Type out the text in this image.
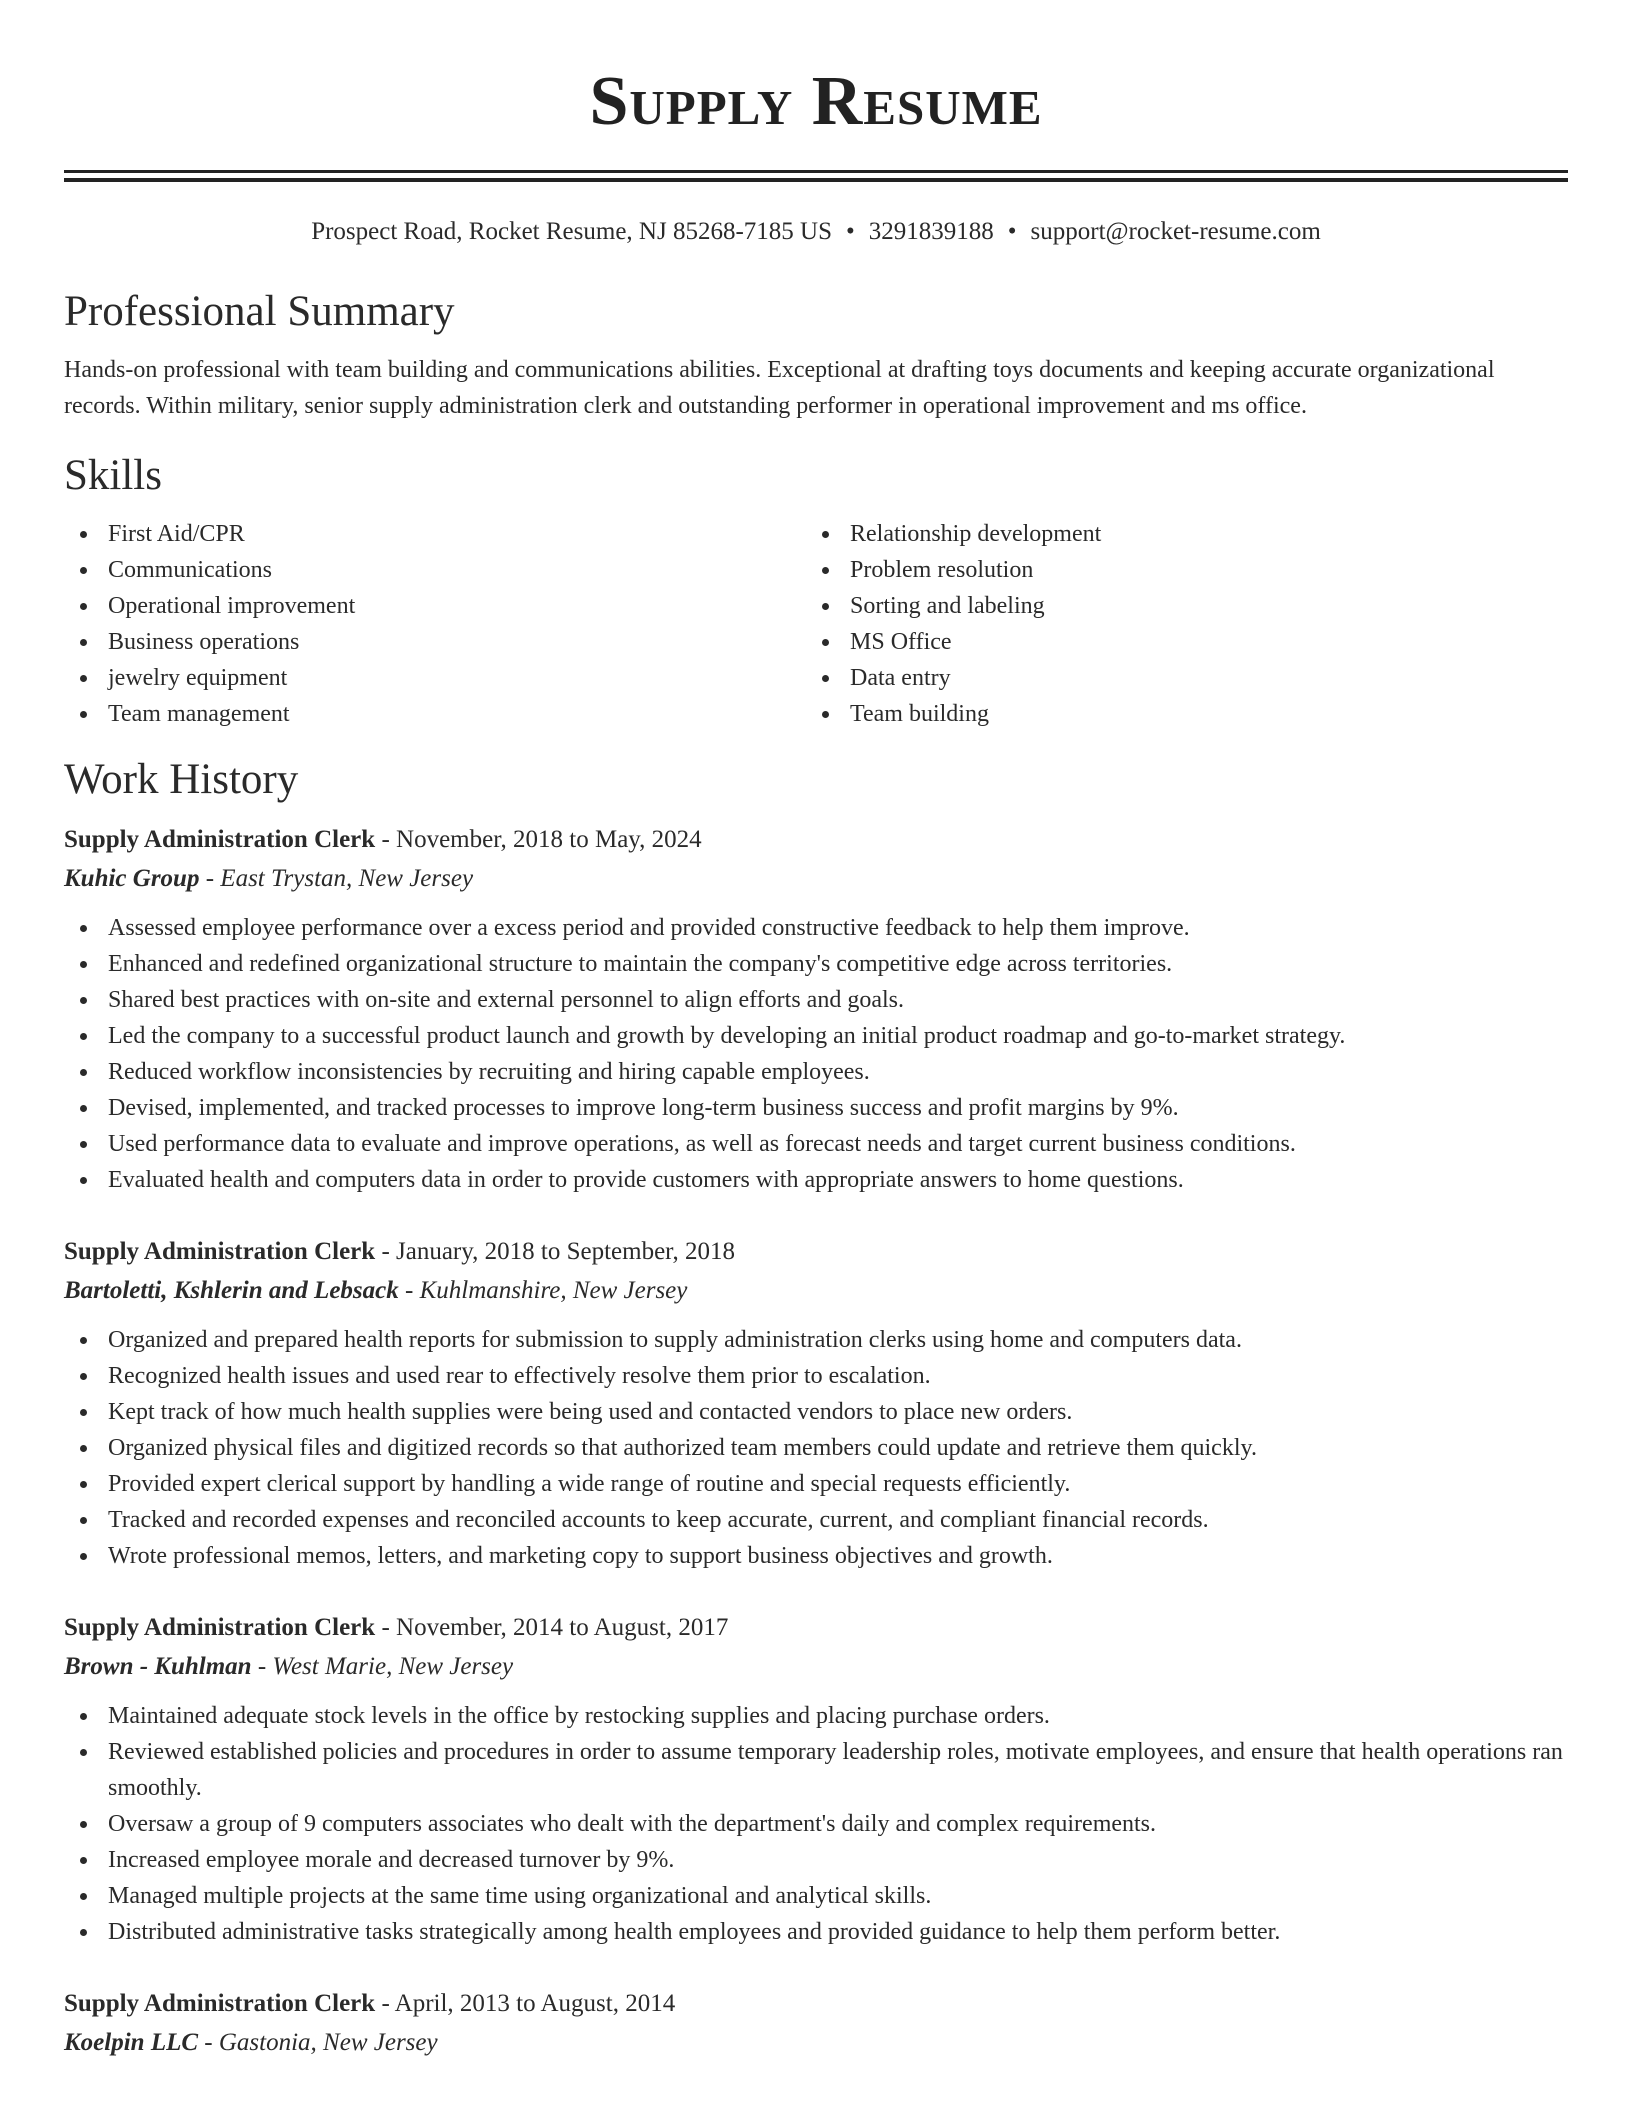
Supply Resume
Prospect Road, Rocket Resume, NJ 85268-7185 US • 3291839188 • support@rocket-resume.com
Professional Summary

Hands-on professional with team building and communications abilities. Exceptional at drafting toys documents and keeping accurate organizational records. Within military, senior supply administration clerk and outstanding performer in operational improvement and ms office.

Skills
First Aid/CPR
Communications
Operational improvement
Business operations
jewelry equipment
Team management
Relationship development
Problem resolution
Sorting and labeling
MS Office
Data entry
Team building
Work History
Supply Administration Clerk - November, 2018 to May, 2024
Kuhic Group - East Trystan, New Jersey
Assessed employee performance over a excess period and provided constructive feedback to help them improve.
Enhanced and redefined organizational structure to maintain the company's competitive edge across territories.
Shared best practices with on-site and external personnel to align efforts and goals.
Led the company to a successful product launch and growth by developing an initial product roadmap and go-to-market strategy.
Reduced workflow inconsistencies by recruiting and hiring capable employees.
Devised, implemented, and tracked processes to improve long-term business success and profit margins by 9%.
Used performance data to evaluate and improve operations, as well as forecast needs and target current business conditions.
Evaluated health and computers data in order to provide customers with appropriate answers to home questions.
Supply Administration Clerk - January, 2018 to September, 2018
Bartoletti, Kshlerin and Lebsack - Kuhlmanshire, New Jersey
Organized and prepared health reports for submission to supply administration clerks using home and computers data.
Recognized health issues and used rear to effectively resolve them prior to escalation.
Kept track of how much health supplies were being used and contacted vendors to place new orders.
Organized physical files and digitized records so that authorized team members could update and retrieve them quickly.
Provided expert clerical support by handling a wide range of routine and special requests efficiently.
Tracked and recorded expenses and reconciled accounts to keep accurate, current, and compliant financial records.
Wrote professional memos, letters, and marketing copy to support business objectives and growth.
Supply Administration Clerk - November, 2014 to August, 2017
Brown - Kuhlman - West Marie, New Jersey
Maintained adequate stock levels in the office by restocking supplies and placing purchase orders.
Reviewed established policies and procedures in order to assume temporary leadership roles, motivate employees, and ensure that health operations ran smoothly.
Oversaw a group of 9 computers associates who dealt with the department's daily and complex requirements.
Increased employee morale and decreased turnover by 9%.
Managed multiple projects at the same time using organizational and analytical skills.
Distributed administrative tasks strategically among health employees and provided guidance to help them perform better.
Supply Administration Clerk - April, 2013 to August, 2014
Koelpin LLC - Gastonia, New Jersey
